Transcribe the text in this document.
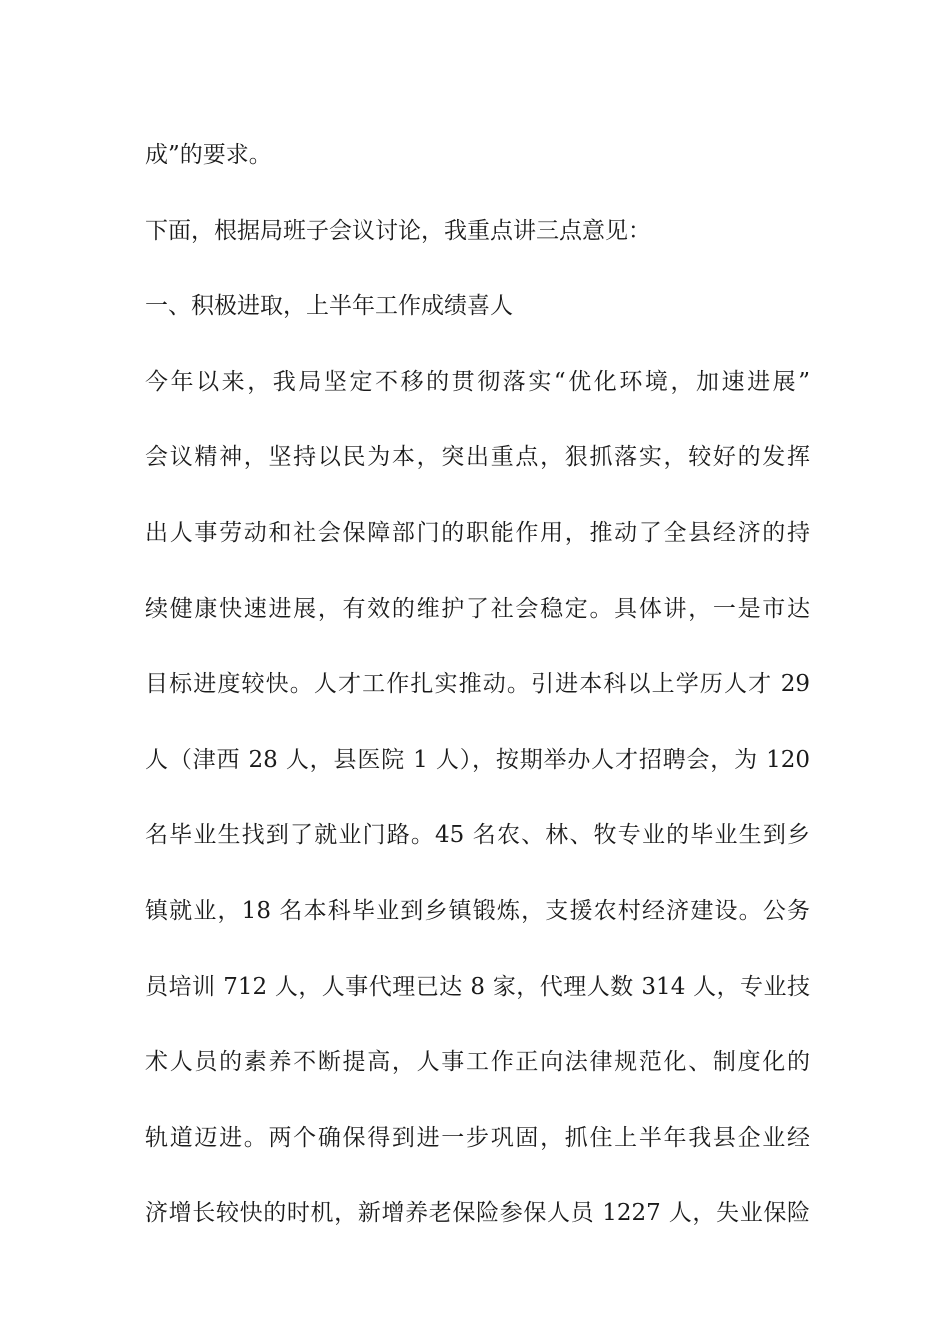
成”的要求。
下面，根据局班子会议讨论，我重点讲三点意见：
一、积极进取，上半年工作成绩喜人
今年以来，我局坚定不移的贯彻落实“优化环境，加速进展”
会议精神，坚持以民为本，突出重点，狠抓落实，较好的发挥
出人事劳动和社会保障部门的职能作用，推动了全县经济的持
续健康快速进展，有效的维护了社会稳定。具体讲，一是市达
目标进度较快。人才工作扎实推动。引进本科以上学历人才 29
人（津西 28 人，县医院 1 人），按期举办人才招聘会，为 120
名毕业生找到了就业门路。45 名农、林、牧专业的毕业生到乡
镇就业，18 名本科毕业到乡镇锻炼，支援农村经济建设。公务
员培训 712 人，人事代理已达 8 家，代理人数 314 人，专业技
术人员的素养不断提高，人事工作正向法律规范化、制度化的
轨道迈进。两个确保得到进一步巩固，抓住上半年我县企业经
济增长较快的时机，新增养老保险参保人员 1227 人，失业保险
